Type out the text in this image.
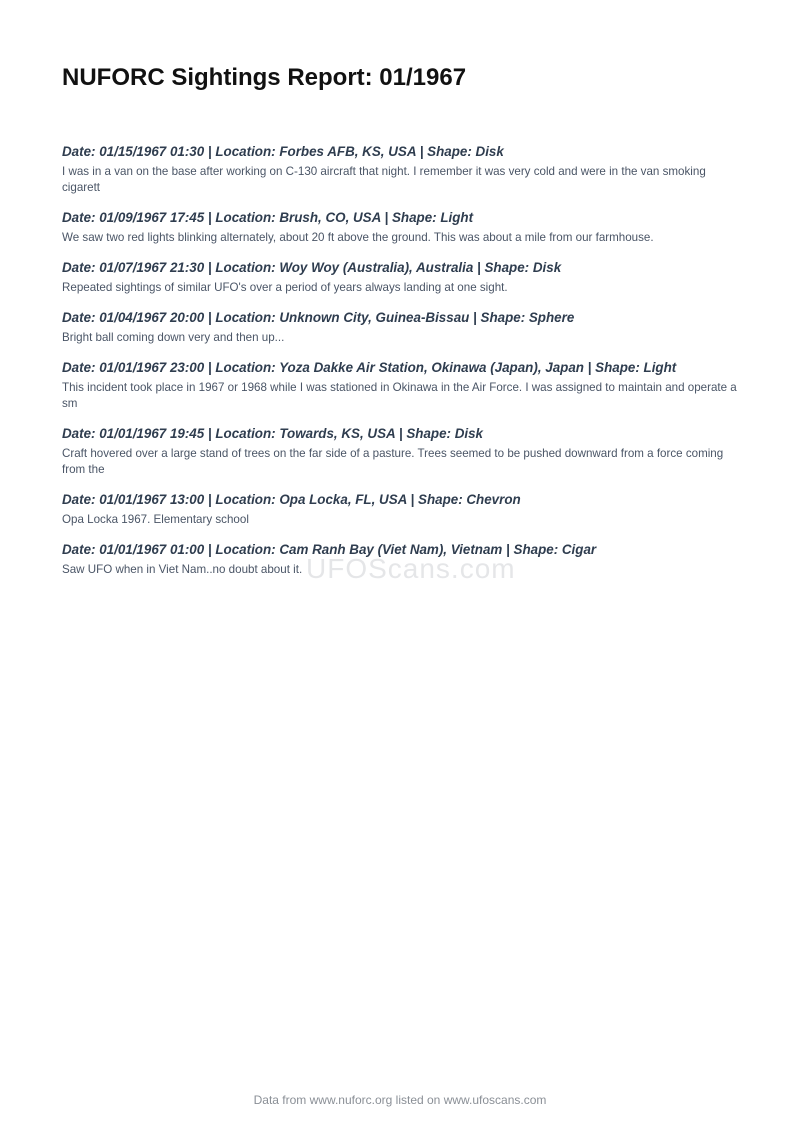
NUFORC Sightings Report: 01/1967

Date: 01/15/1967 01:30 | Location: Forbes AFB, KS, USA | Shape: Disk

I was in a van on the base after working on C-130 aircraft that night. I remember it was very cold and were in the van smoking cigarett

Date: 01/09/1967 17:45 | Location: Brush, CO, USA | Shape: Light

We saw two red lights blinking alternately, about 20 ft above the ground. This was about a mile from our farmhouse.

Date: 01/07/1967 21:30 | Location: Woy Woy (Australia), Australia | Shape: Disk

Repeated sightings of similar UFO's over a period of years always landing at one sight.

Date: 01/04/1967 20:00 | Location: Unknown City, Guinea-Bissau | Shape: Sphere

Bright ball coming down very and then up...

Date: 01/01/1967 23:00 | Location: Yoza Dakke Air Station, Okinawa (Japan), Japan | Shape: Light

This incident took place in 1967 or 1968 while I was stationed in Okinawa in the Air Force. I was assigned to maintain and operate a sm

Date: 01/01/1967 19:45 | Location: Towards, KS, USA | Shape: Disk

Craft hovered over a large stand of trees on the far side of a pasture. Trees seemed to be pushed downward from a force coming from the

Date: 01/01/1967 13:00 | Location: Opa Locka, FL, USA | Shape: Chevron

Opa Locka 1967. Elementary school

Date: 01/01/1967 01:00 | Location: Cam Ranh Bay (Viet Nam), Vietnam | Shape: Cigar

Saw UFO when in Viet Nam..no doubt about it. UFOScans.com
Data from www.nuforc.org listed on www.ufoscans.com
